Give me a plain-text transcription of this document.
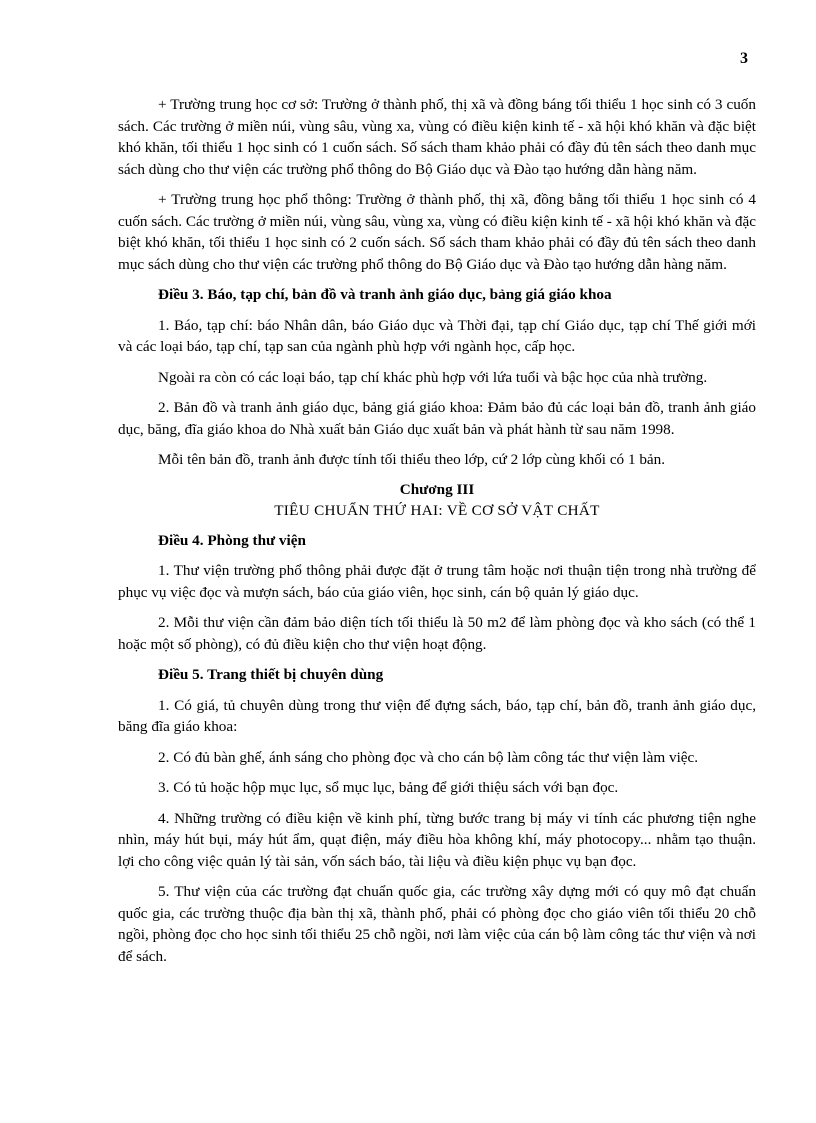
3

+ Trường trung học cơ sở: Trường ở thành phố, thị xã và đồng báng tối thiểu 1 học sinh có 3 cuốn sách. Các trường ở miền núi, vùng sâu, vùng xa, vùng có điều kiện kinh tế - xã hội khó khăn và đặc biệt khó khăn, tối thiểu 1 học sinh có 1 cuốn sách. Số sách tham khảo phải có đầy đủ tên sách theo danh mục sách dùng cho thư viện các trường phổ thông do Bộ Giáo dục và Đào tạo hướng dẫn hàng năm.

+ Trường trung học phổ thông: Trường ở thành phố, thị xã, đồng bằng tối thiểu 1 học sinh có 4 cuốn sách. Các trường ở miền núi, vùng sâu, vùng xa, vùng có điều kiện kinh tế - xã hội khó khăn và đặc biệt khó khăn, tối thiểu 1 học sinh có 2 cuốn sách. Số sách tham khảo phải có đầy đủ tên sách theo danh mục sách dùng cho thư viện các trường phổ thông do Bộ Giáo dục và Đào tạo hướng dẫn hàng năm.

Điều 3. Báo, tạp chí, bản đồ và tranh ảnh giáo dục, bảng giá giáo khoa

1. Báo, tạp chí: báo Nhân dân, báo Giáo dục và Thời đại, tạp chí Giáo dục, tạp chí Thế giới mới và các loại báo, tạp chí, tạp san của ngành phù hợp với ngành học, cấp học.

Ngoài ra còn có các loại báo, tạp chí khác phù hợp với lứa tuổi và bậc học của nhà trường.

2. Bản đồ và tranh ảnh giáo dục, bảng giá giáo khoa: Đảm bảo đủ các loại bản đồ, tranh ảnh giáo dục, băng, đĩa giáo khoa do Nhà xuất bản Giáo dục xuất bản và phát hành từ sau năm 1998.

Mỗi tên bản đồ, tranh ảnh được tính tối thiểu theo lớp, cứ 2 lớp cùng khối có 1 bản.

Chương III
TIÊU CHUẨN THỨ HAI: VỀ CƠ SỞ VẬT CHẤT

Điều 4. Phòng thư viện

1. Thư viện trường phổ thông phải được đặt ở trung tâm hoặc nơi thuận tiện trong nhà trường để phục vụ việc đọc và mượn sách, báo của giáo viên, học sinh, cán bộ quản lý giáo dục.

2. Mỗi thư viện cần đảm bảo diện tích tối thiểu là 50 m2 để làm phòng đọc và kho sách (có thể 1 hoặc một số phòng), có đủ điều kiện cho thư viện hoạt động.

Điều 5. Trang thiết bị chuyên dùng

1. Có giá, tủ chuyên dùng trong thư viện để đựng sách, báo, tạp chí, bản đồ, tranh ảnh giáo dục, băng đĩa giáo khoa:

2. Có đủ bàn ghế, ánh sáng cho phòng đọc và cho cán bộ làm công tác thư viện làm việc.

3. Có tủ hoặc hộp mục lục, sổ mục lục, bảng để giới thiệu sách với bạn đọc.

4. Những trường có điều kiện về kinh phí, từng bước trang bị máy vi tính các phương tiện nghe nhìn, máy hút bụi, máy hút ẩm, quạt điện, máy điều hòa không khí, máy photocopy... nhằm tạo thuận. lợi cho công việc quản lý tài sản, vốn sách báo, tài liệu và điều kiện phục vụ bạn đọc.

5. Thư viện của các trường đạt chuẩn quốc gia, các trường xây dựng mới có quy mô đạt chuẩn quốc gia, các trường thuộc địa bàn thị xã, thành phố, phải có phòng đọc cho giáo viên tối thiểu 20 chỗ ngồi, phòng đọc cho học sinh tối thiểu 25 chỗ ngồi, nơi làm việc của cán bộ làm công tác thư viện và nơi để sách.
